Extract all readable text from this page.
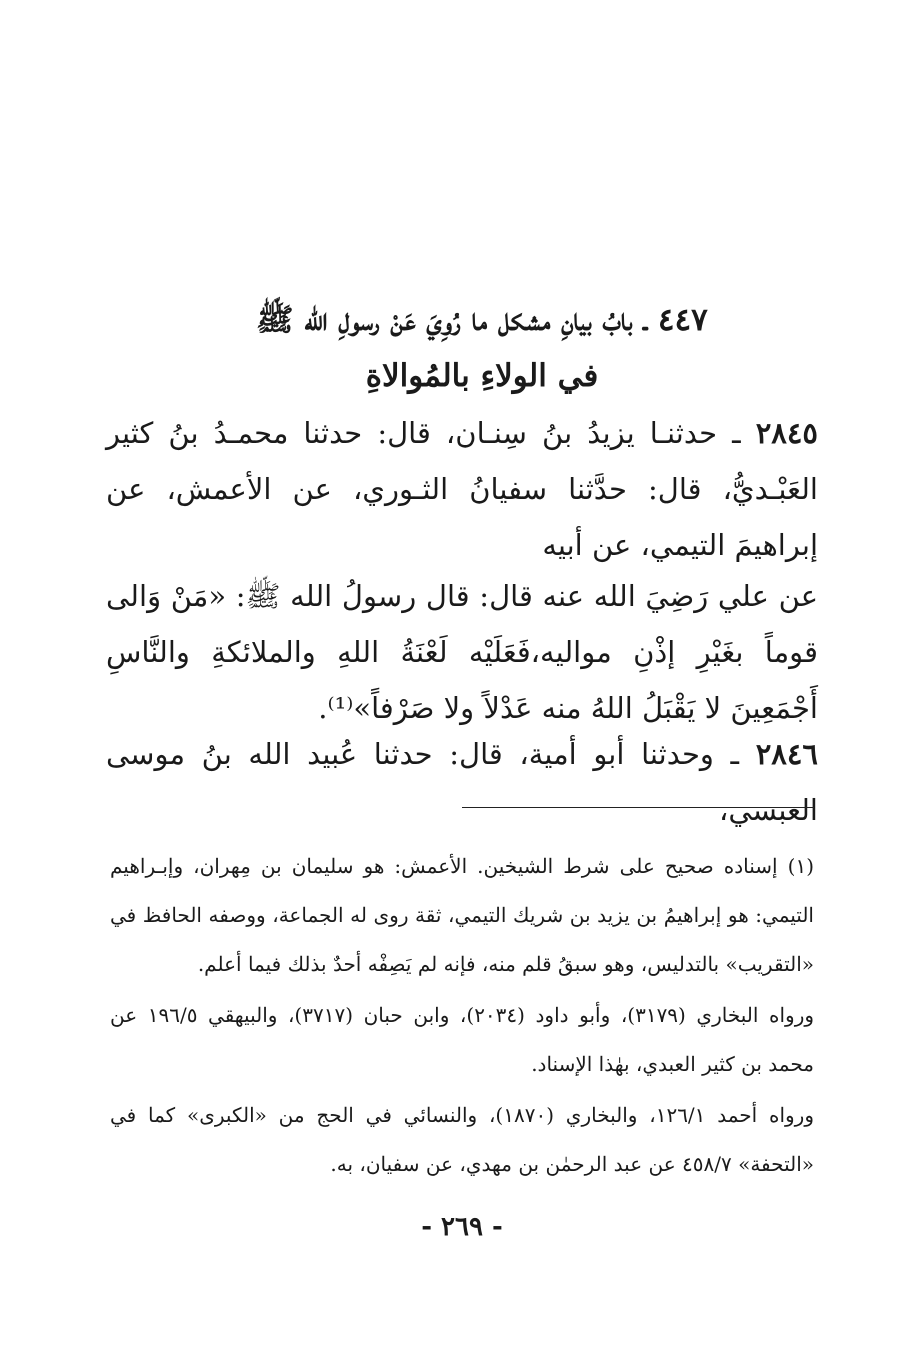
٤٤٧ ـ بابُ بيانِ مشكل ما رُوِيَ عَنْ رسولِ الله ﷺ
في الولاءِ بالمُوالاةِ

٢٨٤٥ ـ حدثنـا يزيدُ بنُ سِنـان، قال: حدثنا محمـدُ بنُ كثير العَبْـديُّ، قال: حدَّثنا سفيانُ الثـوري، عن الأعمش، عن إبراهيمَ التيمي، عن أبيه

عن علي رَضِيَ الله عنه قال: قال رسولُ الله ﷺ: «مَنْ وَالى قوماً بغَيْرِ إذْنِ مواليه،فَعَلَيْه لَعْنَةُ اللهِ والملائكةِ والنَّاسِ أَجْمَعِينَ لا يَقْبَلُ اللهُ منه عَدْلاً ولا صَرْفاً»⁽¹⁾.

٢٨٤٦ ـ وحدثنا أبو أمية، قال: حدثنا عُبيد الله بنُ موسى العبسي،

(١) إسناده صحيح على شرط الشيخين. الأعمش: هو سليمان بن مِهران، وإبـراهيم التيمي: هو إبراهيمُ بن يزيد بن شريك التيمي، ثقة روى له الجماعة، ووصفه الحافظ في «التقريب» بالتدليس، وهو سبقُ قلم منه، فإنه لم يَصِفْه أحدٌ بذلك فيما أعلم.

ورواه البخاري (٣١٧٩)، وأبو داود (٢٠٣٤)، وابن حبان (٣٧١٧)، والبيهقي ١٩٦/٥ عن محمد بن كثير العبدي، بهٰذا الإسناد.

ورواه أحمد ١٢٦/١، والبخاري (١٨٧٠)، والنسائي في الحج من «الكبرى» كما في «التحفة» ٤٥٨/٧ عن عبد الرحمٰن بن مهدي، عن سفيان، به.

- ٢٦٩ -
